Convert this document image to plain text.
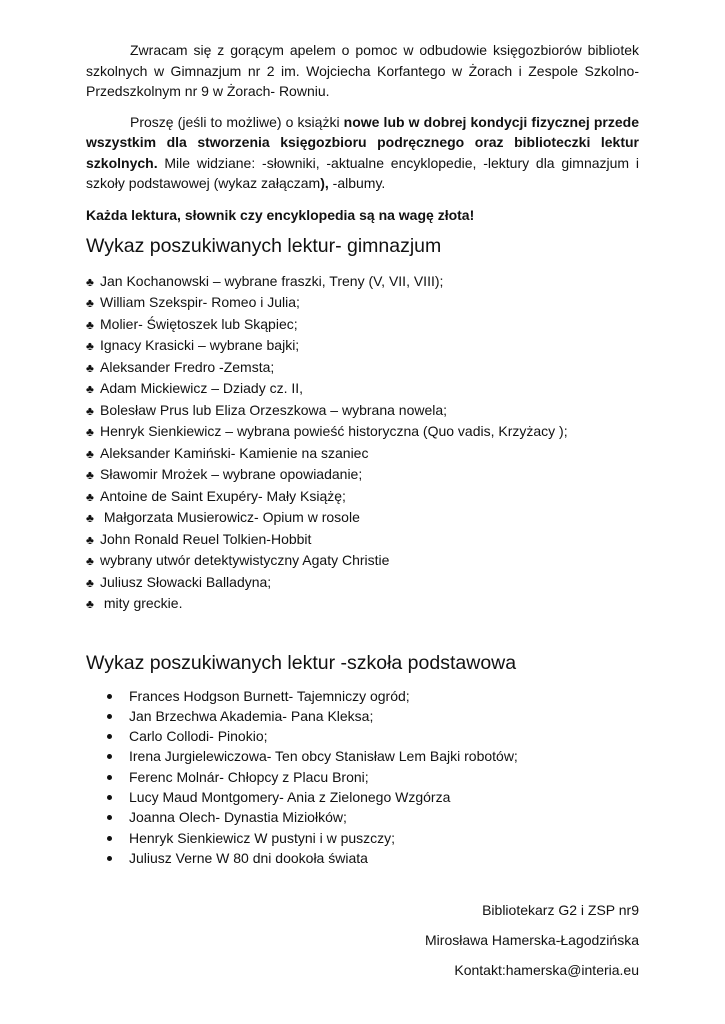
Zwracam się z gorącym apelem o pomoc w odbudowie księgozbiorów bibliotek szkolnych w Gimnazjum nr 2 im. Wojciecha Korfantego w Żorach i Zespole Szkolno- Przedszkolnym nr 9 w Żorach- Rowniu.

Proszę (jeśli to możliwe) o książki nowe lub w dobrej kondycji fizycznej przede wszystkim dla stworzenia księgozbioru podręcznego oraz biblioteczki lektur szkolnych. Mile widziane: -słowniki, -aktualne encyklopedie, -lektury dla gimnazjum i szkoły podstawowej (wykaz załączam), -albumy.

Każda lektura, słownik czy encyklopedia są na wagę złota!

Wykaz poszukiwanych lektur- gimnazjum
♣ Jan Kochanowski – wybrane fraszki, Treny (V, VII, VIII);
♣ William Szekspir- Romeo i Julia;
♣ Molier- Świętoszek lub Skąpiec;
♣ Ignacy Krasicki – wybrane bajki;
♣ Aleksander Fredro -Zemsta;
♣ Adam Mickiewicz – Dziady cz. II,
♣ Bolesław Prus lub Eliza Orzeszkowa – wybrana nowela;
♣ Henryk Sienkiewicz – wybrana powieść historyczna (Quo vadis, Krzyżacy );
♣ Aleksander Kamiński- Kamienie na szaniec
♣ Sławomir Mrożek – wybrane opowiadanie;
♣ Antoine de Saint Exupéry- Mały Książę;
♣ Małgorzata Musierowicz- Opium w rosole
♣ John Ronald Reuel Tolkien-Hobbit
♣ wybrany utwór detektywistyczny Agaty Christie
♣ Juliusz Słowacki Balladyna;
♣ mity greckie.
Wykaz poszukiwanych lektur -szkoła podstawowa
Frances Hodgson Burnett- Tajemniczy ogród;
Jan Brzechwa Akademia- Pana Kleksa;
Carlo Collodi- Pinokio;
Irena Jurgielewiczowa- Ten obcy Stanisław Lem Bajki robotów;
Ferenc Molnár- Chłopcy z Placu Broni;
Lucy Maud Montgomery- Ania z Zielonego Wzgórza
Joanna Olech- Dynastia Miziołków;
Henryk Sienkiewicz W pustyni i w puszczy;
Juliusz Verne W 80 dni dookoła świata
Bibliotekarz G2 i ZSP nr9
Mirosława Hamerska-Łagodzińska
Kontakt:hamerska@interia.eu
